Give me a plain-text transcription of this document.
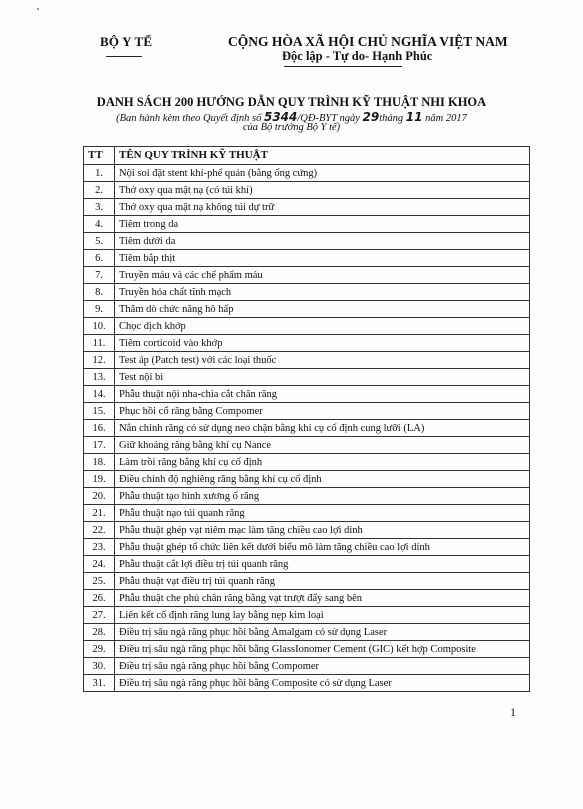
BỘ Y TẾ	CỘNG HÒA XÃ HỘI CHỦ NGHĨA VIỆT NAM
Độc lập - Tự do- Hạnh Phúc
DANH SÁCH 200 HƯỚNG DẪN QUY TRÌNH KỸ THUẬT NHI KHOA
(Ban hành kèm theo Quyết định số 5344/QĐ-BYT ngày 29tháng 11 năm 2017
của Bộ trưởng Bộ Y tế)
TT	TÊN QUY TRÌNH KỸ THUẬT
1.	Nội soi đặt stent khí-phế quản (bằng ống cứng)
2.	Thở oxy qua mặt nạ (có túi khí)
3.	Thở oxy qua mặt nạ không túi dự trữ
4.	Tiêm trong da
5.	Tiêm dưới da
6.	Tiêm bắp thịt
7.	Truyền máu và các chế phẩm máu
8.	Truyền hóa chất tĩnh mạch
9.	Thăm dò chức năng hô hấp
10.	Chọc dịch khớp
11.	Tiêm corticoid vào khớp
12.	Test áp (Patch test) với các loại thuốc
13.	Test nội bì
14.	Phẫu thuật nội nha-chia cắt chân răng
15.	Phục hồi cổ răng bằng Compomer
16.	Nắn chỉnh răng có sử dụng neo chặn bằng khí cụ cố định cung lưỡi (LA)
17.	Giữ khoảng răng bằng khí cụ Nance
18.	Làm trồi răng bằng khí cụ cố định
19.	Điều chỉnh độ nghiêng răng bằng khí cụ cố định
20.	Phẫu thuật tạo hình xương ổ răng
21.	Phẫu thuật nạo túi quanh răng
22.	Phẫu thuật ghép vạt niêm mạc làm tăng chiều cao lợi dính
23.	Phẫu thuật ghép tổ chức liên kết dưới biểu mô làm tăng chiều cao lợi dính
24.	Phẫu thuật cắt lợi điều trị túi quanh răng
25.	Phẫu thuật vạt điều trị túi quanh răng
26.	Phẫu thuật che phủ chân răng bằng vạt trượt đẩy sang bên
27.	Liên kết cố định răng lung lay bằng nẹp kim loại
28.	Điều trị sâu ngà răng phục hồi bằng Amalgam có sử dụng Laser
29.	Điều trị sâu ngà răng phục hồi bằng GlassIonomer Cement (GIC) kết hợp Composite
30.	Điều trị sâu ngà răng phục hồi bằng Compomer
31.	Điều trị sâu ngà răng phục hồi bằng Composite có sử dụng Laser
1
